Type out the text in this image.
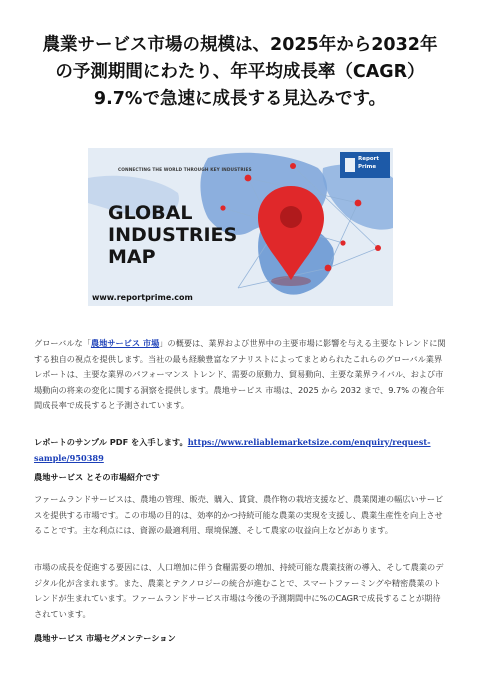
農業サービス市場の規模は、2025年から2032年
の予測期間にわたり、年平均成長率（CAGR）
9.7%で急速に成長する見込みです。
CONNECTING THE WORLD THROUGH KEY INDUSTRIES
Report
Prime
GLOBAL
INDUSTRIES
MAP
www.reportprime.com

グローバルな「農地サービス 市場」の概要は、業界および世界中の主要市場に影響を与える主要なトレンドに関する独自の視点を提供します。当社の最も経験豊富なアナリストによってまとめられたこれらのグローバル業界レポートは、主要な業界のパフォーマンス トレンド、需要の原動力、貿易動向、主要な業界ライバル、および市場動向の将来の変化に関する洞察を提供します。農地サービス 市場は、2025 から 2032 まで、9.7% の複合年間成長率で成長すると予測されています。

レポートのサンプル PDF を入手します。https://www.reliablemarketsize.com/enquiry/request-sample/950389

農地サービス とその市場紹介です

ファームランドサービスは、農地の管理、販売、購入、賃貸、農作物の栽培支援など、農業関連の幅広いサービスを提供する市場です。この市場の目的は、効率的かつ持続可能な農業の実現を支援し、農業生産性を向上させることです。主な利点には、資源の最適利用、環境保護、そして農家の収益向上などがあります。

市場の成長を促進する要因には、人口増加に伴う食糧需要の増加、持続可能な農業技術の導入、そして農業のデジタル化が含まれます。また、農業とテクノロジーの統合が進むことで、スマートファーミングや精密農業のトレンドが生まれています。ファームランドサービス市場は今後の予測期間中に%のCAGRで成長することが期待されています。

農地サービス 市場セグメンテーション
